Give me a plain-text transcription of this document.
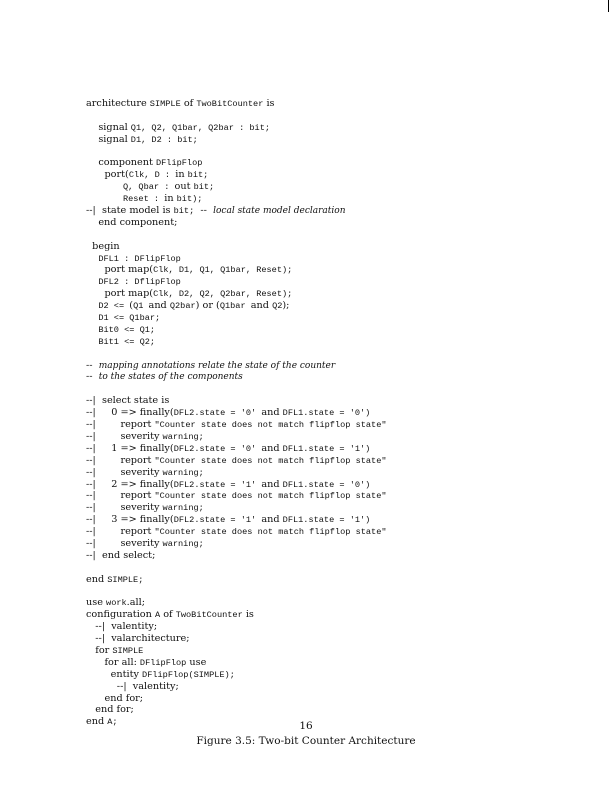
architecture SIMPLE of TwoBitCounter is
signal Q1, Q2, Q1bar, Q2bar : bit;
signal D1, D2 : bit;
component DFlipFlop
port(Clk, D : in bit;
Q, Qbar : out bit;
Reset : in bit);
--|  state model is bit;  --  local state model declaration
end component;
begin
DFL1 : DFlipFlop
port map(Clk, D1, Q1, Q1bar, Reset);
DFL2 : DflipFlop
port map(Clk, D2, Q2, Q2bar, Reset);
D2 <= (Q1 and Q2bar) or (Q1bar and Q2);
D1 <= Q1bar;
Bit0 <= Q1;
Bit1 <= Q2;
--  mapping annotations relate the state of the counter
--  to the states of the components
--|  select state is
--|     0 => finally(DFL2.state = '0' and DFL1.state = '0')
--|        report "Counter state does not match flipflop state"
--|        severity warning;
--|     1 => finally(DFL2.state = '0' and DFL1.state = '1')
--|        report "Counter state does not match flipflop state"
--|        severity warning;
--|     2 => finally(DFL2.state = '1' and DFL1.state = '0')
--|        report "Counter state does not match flipflop state"
--|        severity warning;
--|     3 => finally(DFL2.state = '1' and DFL1.state = '1')
--|        report "Counter state does not match flipflop state"
--|        severity warning;
--|  end select;
end SIMPLE;
use work.all;
configuration A of TwoBitCounter is
--|  valentity;
--|  valarchitecture;
for SIMPLE
for all: DFlipFlop use
entity DFlipFlop(SIMPLE);
--|  valentity;
end for;
end for;
end A;	16
Figure 3.5: Two-bit Counter Architecture
